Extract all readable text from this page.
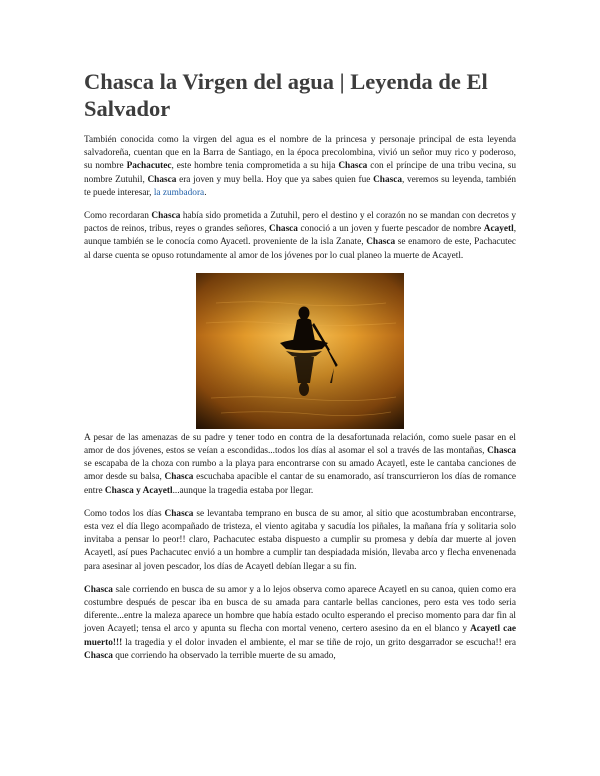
Chasca la Virgen del agua | Leyenda de El Salvador

También conocida como la virgen del agua es el nombre de la princesa y personaje principal de esta leyenda salvadoreña, cuentan que en la Barra de Santiago, en la época precolombina, vivió un señor muy rico y poderoso, su nombre Pachacutec, este hombre tenia comprometida a su hija Chasca con el príncipe de una tribu vecina, su nombre Zutuhil, Chasca era joven y muy bella. Hoy que ya sabes quien fue Chasca, veremos su leyenda, también te puede interesar, la zumbadora.

Como recordaran Chasca había sido prometida a Zutuhil, pero el destino y el corazón no se mandan con decretos y pactos de reinos, tribus, reyes o grandes señores, Chasca conoció a un joven y fuerte pescador de nombre Acayetl, aunque también se le conocía como Ayacetl. proveniente de la isla Zanate, Chasca se enamoro de este, Pachacutec al darse cuenta se opuso rotundamente al amor de los jóvenes por lo cual planeo la muerte de Acayetl.

A pesar de las amenazas de su padre y tener todo en contra de la desafortunada relación, como suele pasar en el amor de dos jóvenes, estos se veían a escondidas...todos los días al asomar el sol a través de las montañas, Chasca se escapaba de la choza con rumbo a la playa para encontrarse con su amado Acayetl, este le cantaba canciones de amor desde su balsa, Chasca escuchaba apacible el cantar de su enamorado, así transcurrieron los días de romance entre Chasca y Acayetl...aunque la tragedia estaba por llegar.

Como todos los días Chasca se levantaba temprano en busca de su amor, al sitio que acostumbraban encontrarse, esta vez el día llego acompañado de tristeza, el viento agitaba y sacudía los piñales, la mañana fría y solitaria solo invitaba a pensar lo peor!! claro, Pachacutec estaba dispuesto a cumplir su promesa y debía dar muerte al joven Acayetl, así pues Pachacutec envió a un hombre a cumplir tan despiadada misión, llevaba arco y flecha envenenada para asesinar al joven pescador, los días de Acayetl debían llegar a su fin.

Chasca sale corriendo en busca de su amor y a lo lejos observa como aparece Acayetl en su canoa, quien como era costumbre después de pescar iba en busca de su amada para cantarle bellas canciones, pero esta ves todo seria diferente...entre la maleza aparece un hombre que había estado oculto esperando el preciso momento para dar fin al joven Acayetl; tensa el arco y apunta su flecha con mortal veneno, certero asesino da en el blanco y Acayetl cae muerto!!! la tragedia y el dolor invaden el ambiente, el mar se tiñe de rojo, un grito desgarrador se escucha!! era Chasca que corriendo ha observado la terrible muerte de su amado,
